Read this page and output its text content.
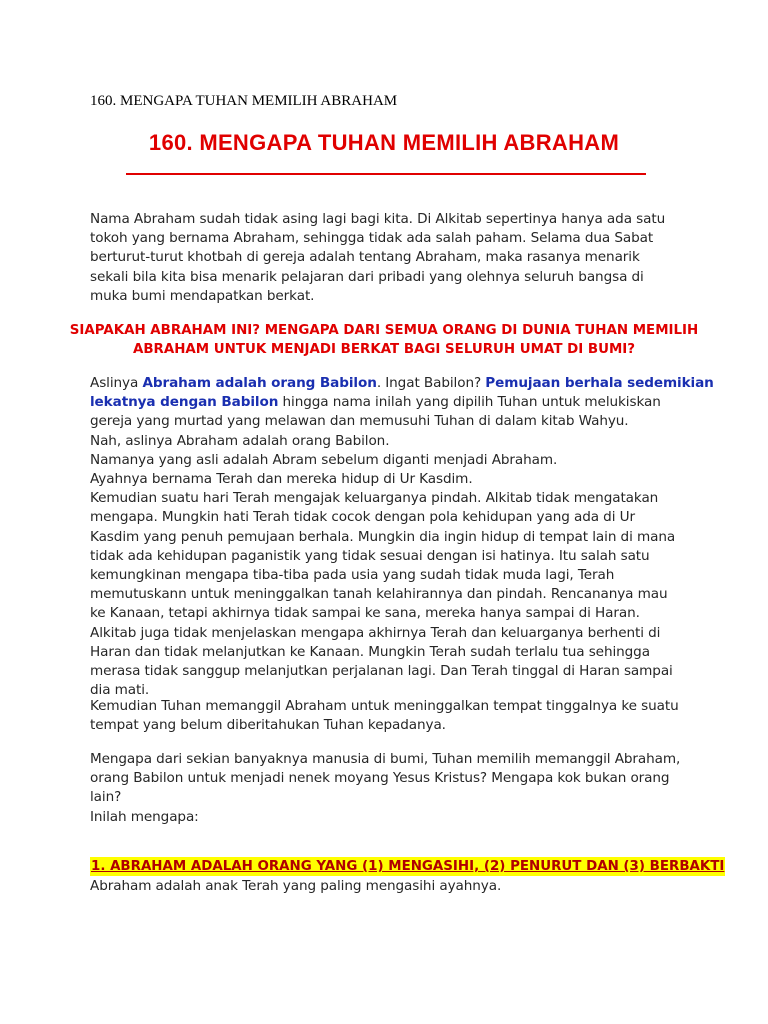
160. MENGAPA TUHAN MEMILIH ABRAHAM
160. MENGAPA TUHAN MEMILIH ABRAHAM
Nama Abraham sudah tidak asing lagi bagi kita. Di Alkitab sepertinya hanya ada satu
tokoh yang bernama Abraham, sehingga tidak ada salah paham. Selama dua Sabat
berturut-turut khotbah di gereja adalah tentang Abraham, maka rasanya menarik
sekali bila kita bisa menarik pelajaran dari pribadi yang olehnya seluruh bangsa di
muka bumi mendapatkan berkat.
SIAPAKAH ABRAHAM INI? MENGAPA DARI SEMUA ORANG DI DUNIA TUHAN MEMILIH
ABRAHAM UNTUK MENJADI BERKAT BAGI SELURUH UMAT DI BUMI?
Aslinya Abraham adalah orang Babilon. Ingat Babilon? Pemujaan berhala sedemikian
lekatnya dengan Babilon hingga nama inilah yang dipilih Tuhan untuk melukiskan
gereja yang murtad yang melawan dan memusuhi Tuhan di dalam kitab Wahyu.
Nah, aslinya Abraham adalah orang Babilon.
Namanya yang asli adalah Abram sebelum diganti menjadi Abraham.
Ayahnya bernama Terah dan mereka hidup di Ur Kasdim.
Kemudian suatu hari Terah mengajak keluarganya pindah. Alkitab tidak mengatakan
mengapa. Mungkin hati Terah tidak cocok dengan pola kehidupan yang ada di Ur
Kasdim yang penuh pemujaan berhala. Mungkin dia ingin hidup di tempat lain di mana
tidak ada kehidupan paganistik yang tidak sesuai dengan isi hatinya. Itu salah satu
kemungkinan mengapa tiba-tiba pada usia yang sudah tidak muda lagi, Terah
memutuskann untuk meninggalkan tanah kelahirannya dan pindah. Rencananya mau
ke Kanaan, tetapi akhirnya tidak sampai ke sana, mereka hanya sampai di Haran.
Alkitab juga tidak menjelaskan mengapa akhirnya Terah dan keluarganya berhenti di
Haran dan tidak melanjutkan ke Kanaan. Mungkin Terah sudah terlalu tua sehingga
merasa tidak sanggup melanjutkan perjalanan lagi. Dan Terah tinggal di Haran sampai
dia mati.
Kemudian Tuhan memanggil Abraham untuk meninggalkan tempat tinggalnya ke suatu
tempat yang belum diberitahukan Tuhan kepadanya.
Mengapa dari sekian banyaknya manusia di bumi, Tuhan memilih memanggil Abraham,
orang Babilon untuk menjadi nenek moyang Yesus Kristus? Mengapa kok bukan orang
lain?
Inilah mengapa:
1. ABRAHAM ADALAH ORANG YANG (1) MENGASIHI, (2) PENURUT DAN (3) BERBAKTI
Abraham adalah anak Terah yang paling mengasihi ayahnya.
